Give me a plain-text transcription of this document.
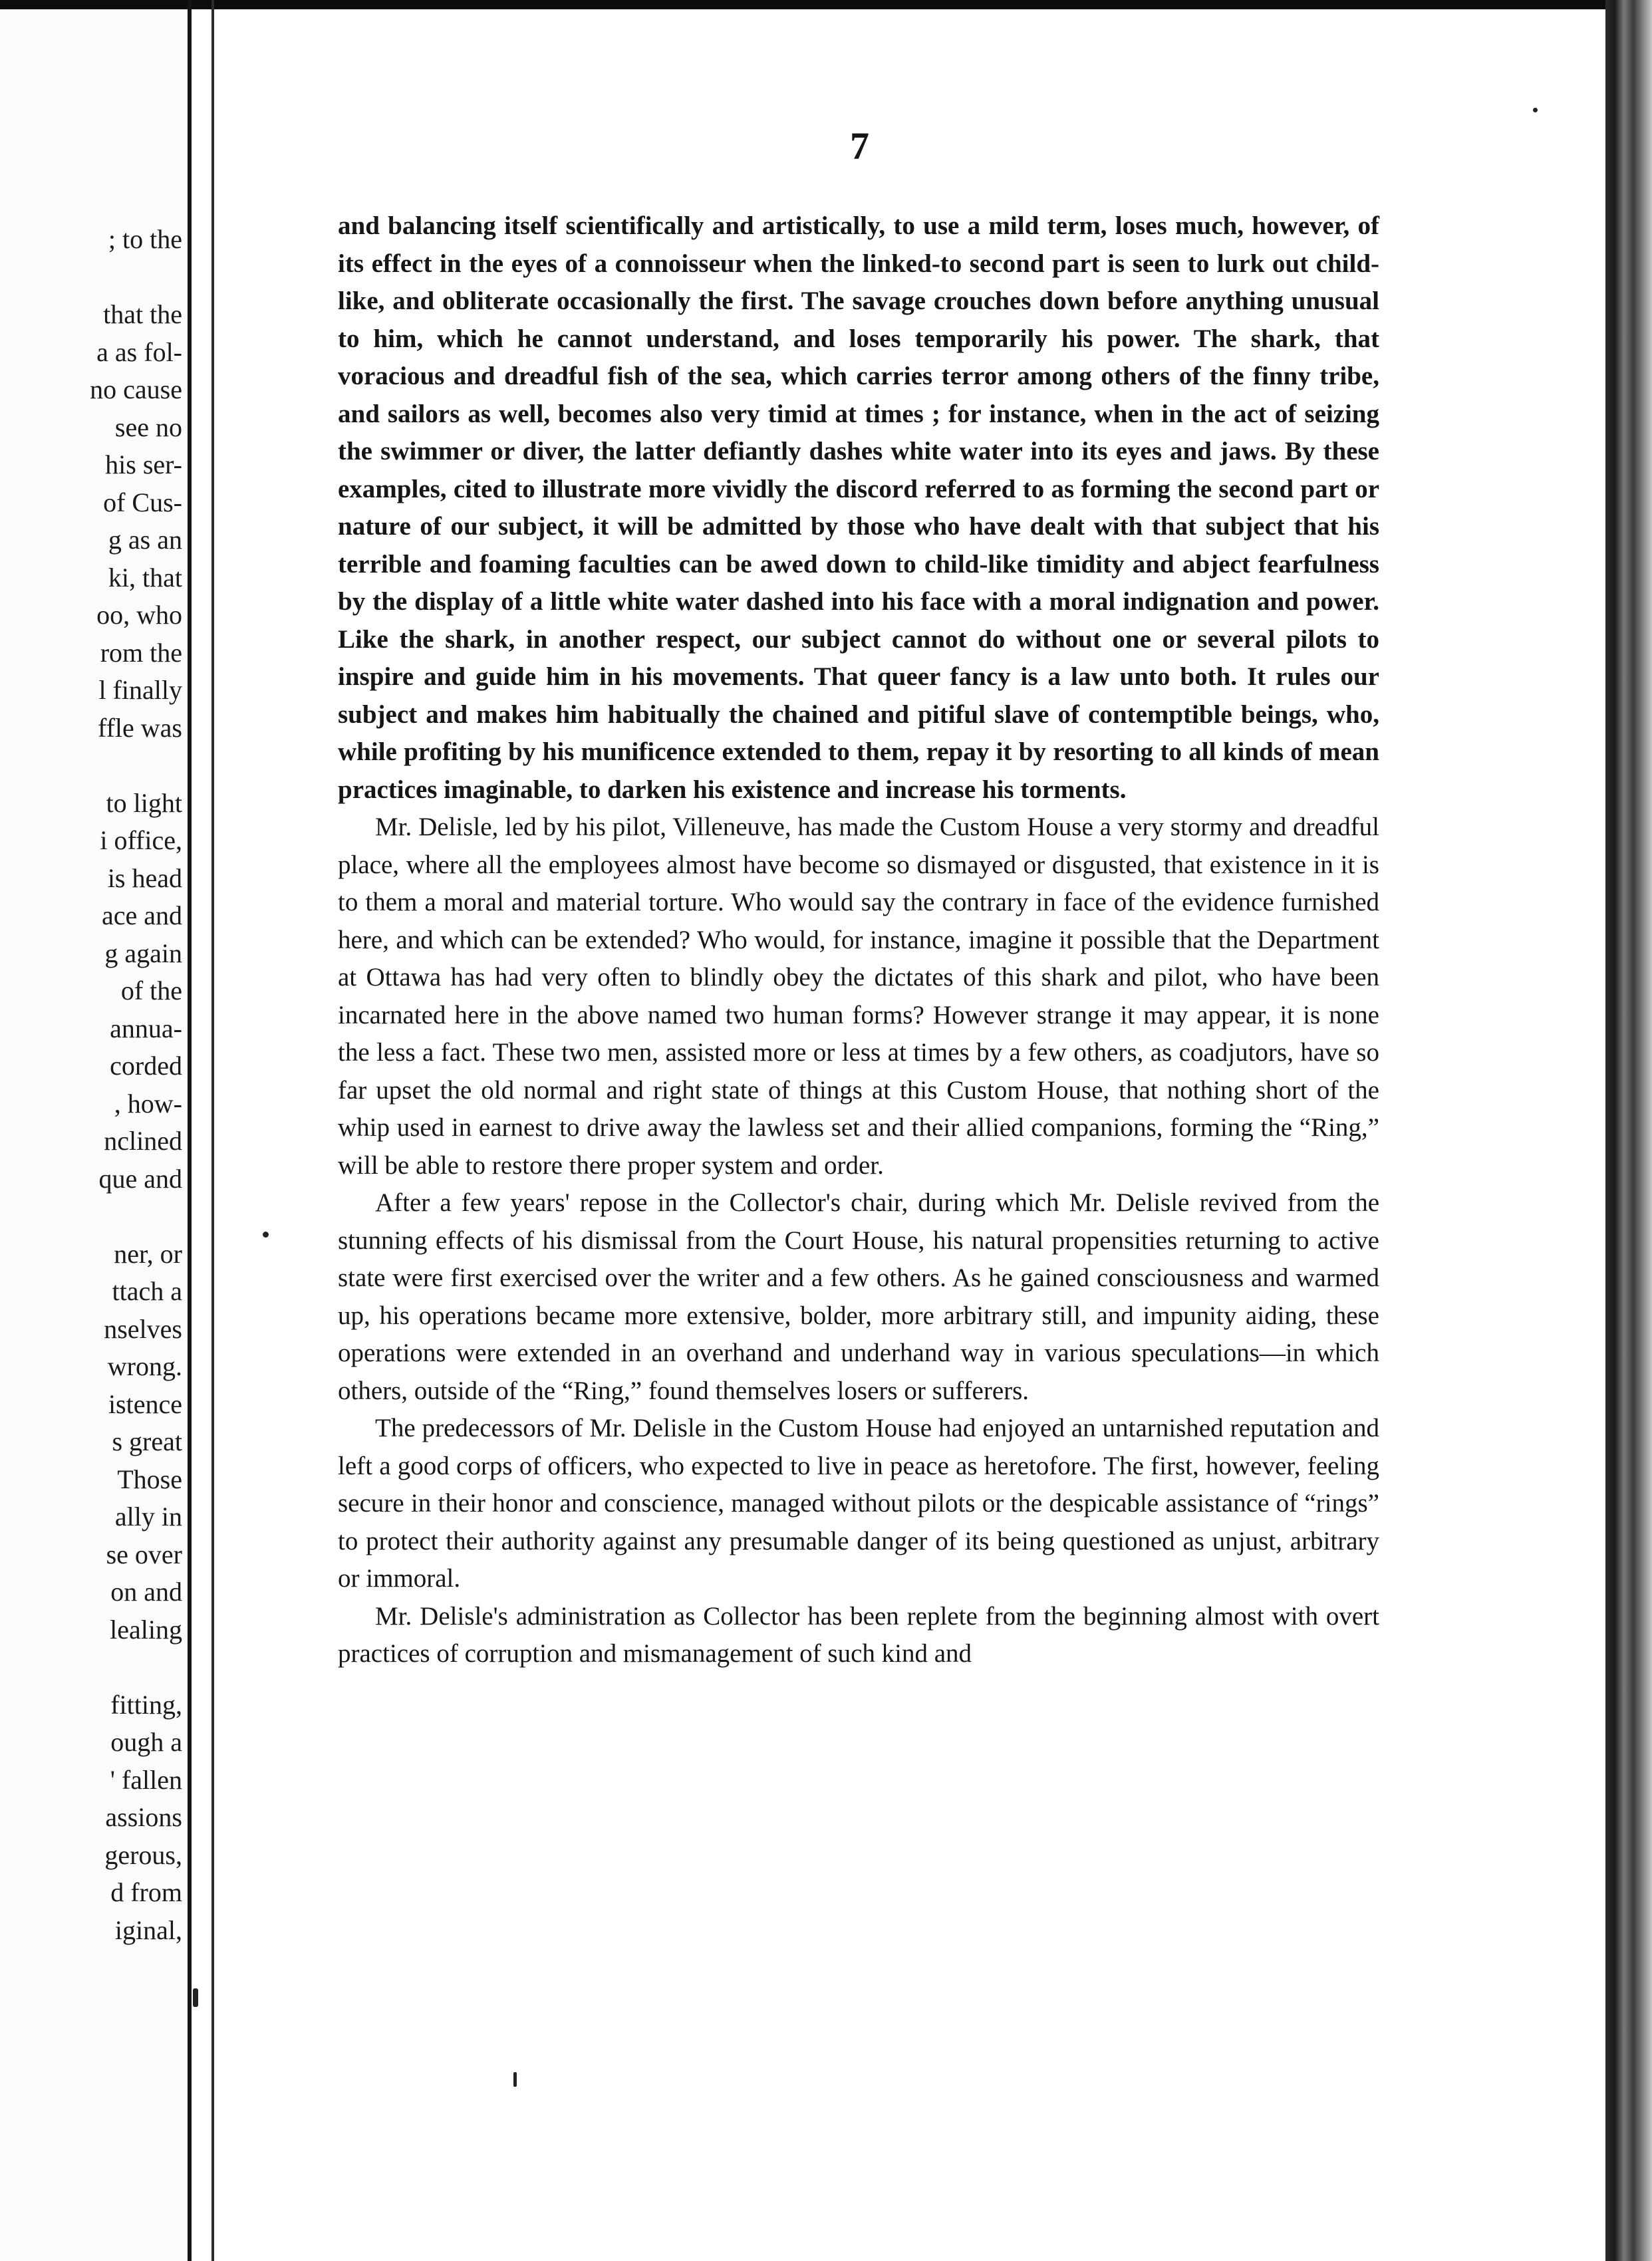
; to the
that the
a as fol-
no cause
see no
his ser-
of Cus-
g as an
ki, that
oo, who
rom the
l finally
ffle was
to light
i office,
is head
ace and
g again
of the
annua-
corded
, how-
nclined
que and
ner, or
ttach a
nselves
wrong.
istence
s great
Those
ally in
se over
on and
lealing
fitting,
ough a
' fallen
assions
gerous,
d from
iginal,
7

and balancing itself scientifically and artistically, to use a mild term, loses much, however, of its effect in the eyes of a connoisseur when the linked-to second part is seen to lurk out child-like, and obliterate occasionally the first. The savage crouches down before anything unusual to him, which he cannot understand, and loses temporarily his power. The shark, that voracious and dreadful fish of the sea, which carries terror among others of the finny tribe, and sailors as well, becomes also very timid at times ; for instance, when in the act of seizing the swimmer or diver, the latter defiantly dashes white water into its eyes and jaws. By these examples, cited to illustrate more vividly the discord referred to as forming the second part or nature of our subject, it will be admitted by those who have dealt with that subject that his terrible and foaming faculties can be awed down to child-like timidity and abject fearfulness by the display of a little white water dashed into his face with a moral indignation and power. Like the shark, in another respect, our subject cannot do without one or several pilots to inspire and guide him in his movements. That queer fancy is a law unto both. It rules our subject and makes him habitually the chained and pitiful slave of contemptible beings, who, while profiting by his munificence extended to them, repay it by resorting to all kinds of mean practices imaginable, to darken his existence and increase his torments.

Mr. Delisle, led by his pilot, Villeneuve, has made the Custom House a very stormy and dreadful place, where all the employees almost have become so dismayed or disgusted, that existence in it is to them a moral and material torture. Who would say the contrary in face of the evidence furnished here, and which can be extended? Who would, for instance, imagine it possible that the Department at Ottawa has had very often to blindly obey the dictates of this shark and pilot, who have been incarnated here in the above named two human forms? However strange it may appear, it is none the less a fact. These two men, assisted more or less at times by a few others, as coadjutors, have so far upset the old normal and right state of things at this Custom House, that nothing short of the whip used in earnest to drive away the lawless set and their allied companions, forming the “Ring,” will be able to restore there proper system and order.

After a few years' repose in the Collector's chair, during which Mr. Delisle revived from the stunning effects of his dismissal from the Court House, his natural propensities returning to active state were first exercised over the writer and a few others. As he gained consciousness and warmed up, his operations became more extensive, bolder, more arbitrary still, and impunity aiding, these operations were extended in an overhand and underhand way in various speculations—in which others, outside of the “Ring,” found themselves losers or sufferers.

The predecessors of Mr. Delisle in the Custom House had enjoyed an untarnished reputation and left a good corps of officers, who expected to live in peace as heretofore. The first, however, feeling secure in their honor and conscience, managed without pilots or the despicable assistance of “rings” to protect their authority against any presumable danger of its being questioned as unjust, arbitrary or immoral.

Mr. Delisle's administration as Collector has been replete from the beginning almost with overt practices of corruption and mismanagement of such kind and
